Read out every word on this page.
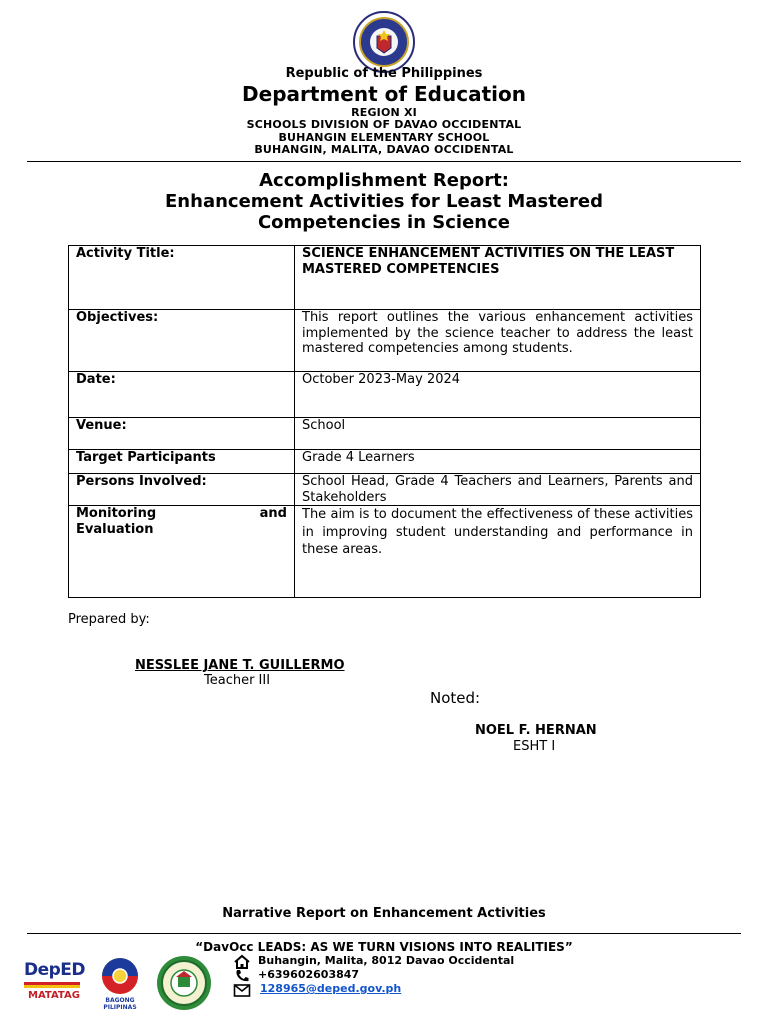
Republic of the Philippines
Department of Education
REGION XI
SCHOOLS DIVISION OF DAVAO OCCIDENTAL
BUHANGIN ELEMENTARY SCHOOL
BUHANGIN, MALITA, DAVAO OCCIDENTAL
Accomplishment Report:
Enhancement Activities for Least Mastered
Competencies in Science
Activity Title:	SCIENCE ENHANCEMENT ACTIVITIES ON THE LEAST MASTERED COMPETENCIES
Objectives:	This report outlines the various enhancement activities implemented by the science teacher to address the least mastered competencies among students.
Date:	October 2023-May 2024
Venue:	School
Target Participants	Grade 4 Learners
Persons Involved:	School Head, Grade 4 Teachers and Learners, Parents and Stakeholders

Monitoring and
Evaluation	The aim is to document the effectiveness of these activities in improving student understanding and performance in these areas.
Prepared by:
NESSLEE JANE T. GUILLERMO
Teacher III
Noted:
NOEL F. HERNAN
ESHT I
Narrative Report on Enhancement Activities
“DavOcc LEADS: AS WE TURN VISIONS INTO REALITIES”
DepED
MATATAG	BAGONG PILIPINAS
Buhangin, Malita, 8012 Davao Occidental
+639602603847
128965@deped.gov.ph
